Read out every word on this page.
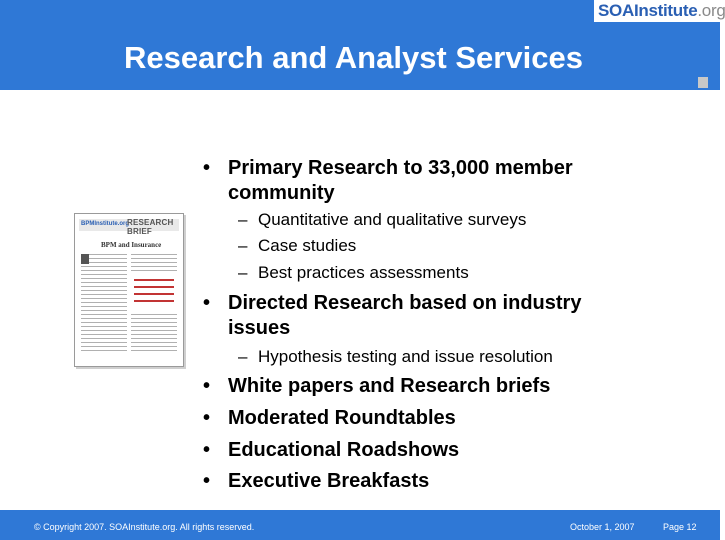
SOAInstitute.org
Research and Analyst Services
BPMInstitute.org
RESEARCH BRIEF
BPM and Insurance
• Primary Research to 33,000 member
community
– Quantitative and qualitative surveys
– Case studies
– Best practices assessments
• Directed Research based on industry
issues
– Hypothesis testing and issue resolution
• White papers and Research briefs
• Moderated Roundtables
• Educational Roadshows
• Executive Breakfasts
© Copyright 2007. SOAInstitute.org. All rights reserved.	October 1, 2007	Page 12
